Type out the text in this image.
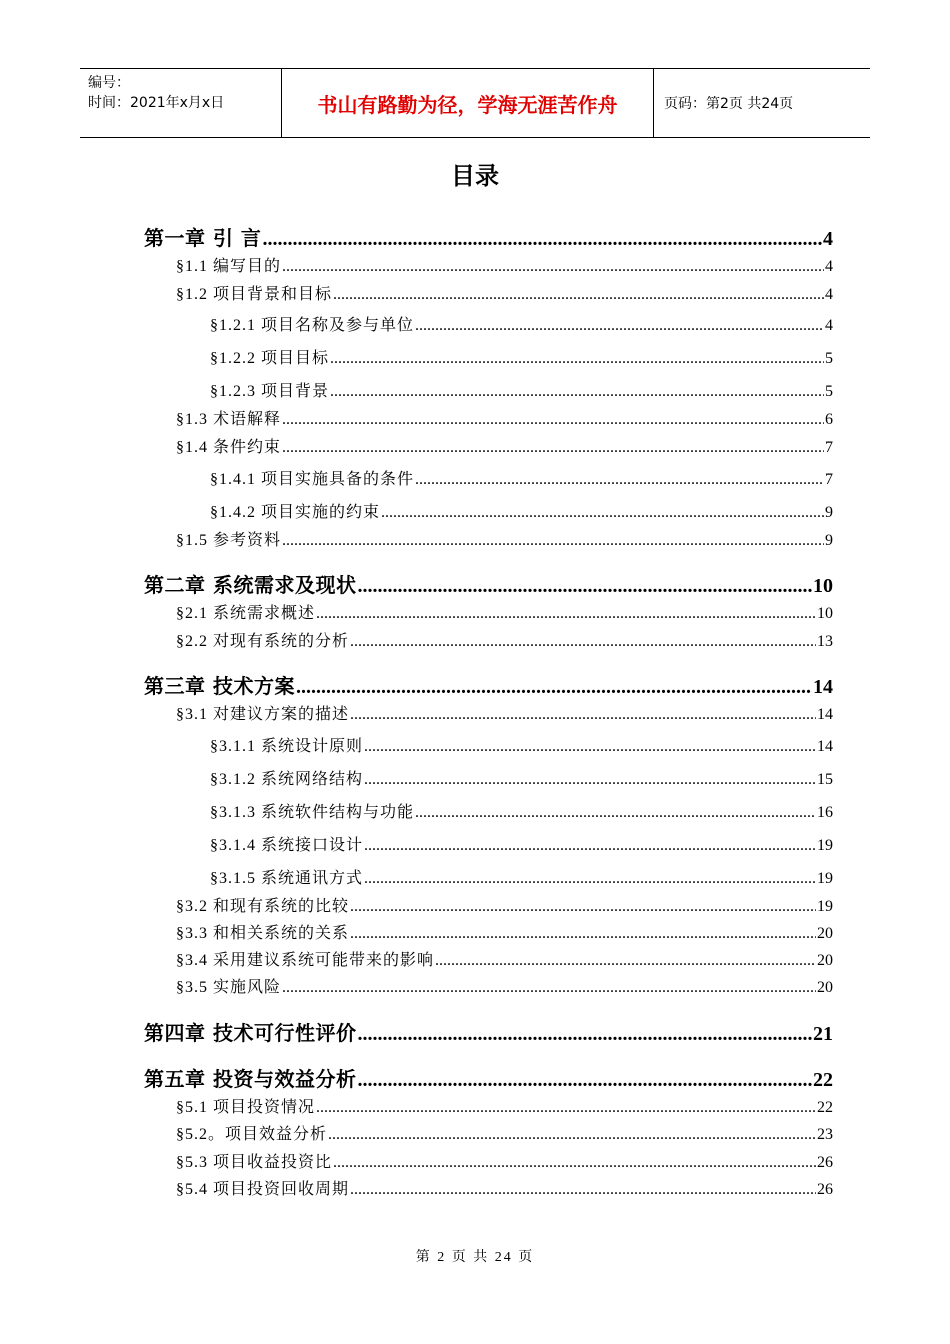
编号：
时间：2021年x月x日	书山有路勤为径，学海无涯苦作舟	页码：第2页 共24页
目录
第一章 引 言 .....	4
§1.1 编写目的 .....	4
§1.2 项目背景和目标 .....	4
§1.2.1 项目名称及参与单位 .....	4
§1.2.2 项目目标 .....	5
§1.2.3 项目背景 .....	5
§1.3 术语解释 .....	6
§1.4 条件约束 .....	7
§1.4.1 项目实施具备的条件 .....	7
§1.4.2 项目实施的约束 .....	9
§1.5 参考资料 .....	9
第二章 系统需求及现状 .....	10
§2.1 系统需求概述 .....	10
§2.2 对现有系统的分析 .....	13
第三章 技术方案 .....	14
§3.1 对建议方案的描述 .....	14
§3.1.1 系统设计原则 .....	14
§3.1.2 系统网络结构 .....	15
§3.1.3 系统软件结构与功能 .....	16
§3.1.4 系统接口设计 .....	19
§3.1.5 系统通讯方式 .....	19
§3.2 和现有系统的比较 .....	19
§3.3 和相关系统的关系 .....	20
§3.4 采用建议系统可能带来的影响 .....	20
§3.5 实施风险 .....	20
第四章 技术可行性评价 .....	21
第五章 投资与效益分析 .....	22
§5.1 项目投资情况 .....	22
§5.2。项目效益分析 .....	23
§5.3 项目收益投资比 .....	26
§5.4 项目投资回收周期 .....	26
第 2 页 共 24 页
